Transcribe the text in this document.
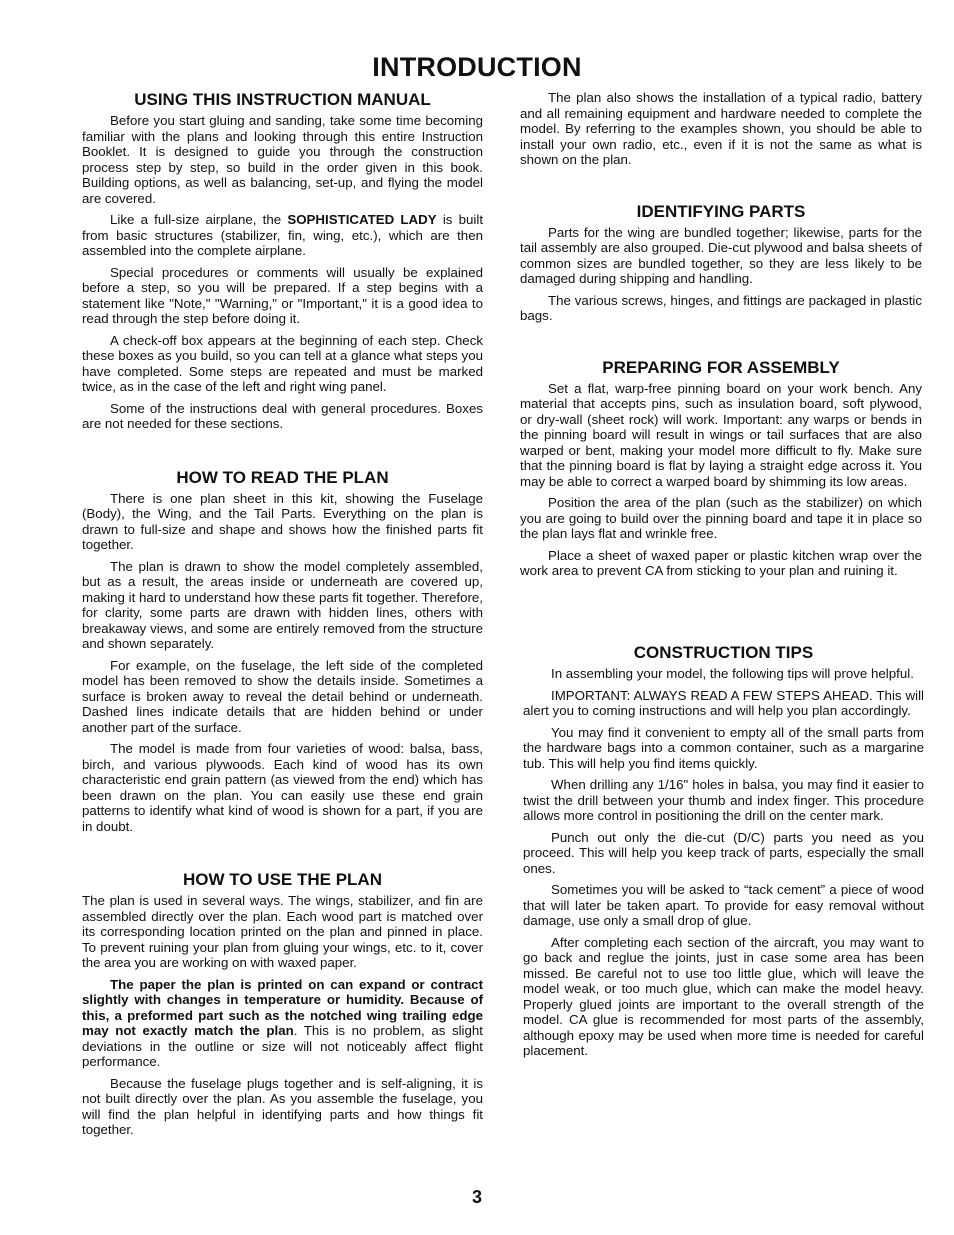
INTRODUCTION
USING THIS INSTRUCTION MANUAL

Before you start gluing and sanding, take some time becoming familiar with the plans and looking through this entire Instruction Booklet. It is designed to guide you through the construction process step by step, so build in the order given in this book. Building options, as well as balancing, set-up, and flying the model are covered.

Like a full-size airplane, the SOPHISTICATED LADY is built from basic structures (stabilizer, fin, wing, etc.), which are then assembled into the complete airplane.

Special procedures or comments will usually be explained before a step, so you will be prepared. If a step begins with a statement like "Note," "Warning," or "Important," it is a good idea to read through the step before doing it.

A check-off box appears at the beginning of each step. Check these boxes as you build, so you can tell at a glance what steps you have completed. Some steps are repeated and must be marked twice, as in the case of the left and right wing panel.

Some of the instructions deal with general procedures. Boxes are not needed for these sections.

HOW TO READ THE PLAN

There is one plan sheet in this kit, showing the Fuselage (Body), the Wing, and the Tail Parts. Everything on the plan is drawn to full-size and shape and shows how the finished parts fit together.

The plan is drawn to show the model completely assembled, but as a result, the areas inside or underneath are covered up, making it hard to understand how these parts fit together. Therefore, for clarity, some parts are drawn with hidden lines, others with breakaway views, and some are entirely removed from the structure and shown separately.

For example, on the fuselage, the left side of the completed model has been removed to show the details inside. Sometimes a surface is broken away to reveal the detail behind or underneath. Dashed lines indicate details that are hidden behind or under another part of the surface.

The model is made from four varieties of wood: balsa, bass, birch, and various plywoods. Each kind of wood has its own characteristic end grain pattern (as viewed from the end) which has been drawn on the plan. You can easily use these end grain patterns to identify what kind of wood is shown for a part, if you are in doubt.

HOW TO USE THE PLAN

The plan is used in several ways. The wings, stabilizer, and fin are assembled directly over the plan. Each wood part is matched over its corresponding location printed on the plan and pinned in place. To prevent ruining your plan from gluing your wings, etc. to it, cover the area you are working on with waxed paper.

The paper the plan is printed on can expand or contract slightly with changes in temperature or humidity. Because of this, a preformed part such as the notched wing trailing edge may not exactly match the plan. This is no problem, as slight deviations in the outline or size will not noticeably affect flight performance.

Because the fuselage plugs together and is self-aligning, it is not built directly over the plan. As you assemble the fuselage, you will find the plan helpful in identifying parts and how things fit together.

The plan also shows the installation of a typical radio, battery and all remaining equipment and hardware needed to complete the model. By referring to the examples shown, you should be able to install your own radio, etc., even if it is not the same as what is shown on the plan.

IDENTIFYING PARTS

Parts for the wing are bundled together; likewise, parts for the tail assembly are also grouped. Die-cut plywood and balsa sheets of common sizes are bundled together, so they are less likely to be damaged during shipping and handling.

The various screws, hinges, and fittings are packaged in plastic bags.

PREPARING FOR ASSEMBLY

Set a flat, warp-free pinning board on your work bench. Any material that accepts pins, such as insulation board, soft plywood, or dry-wall (sheet rock) will work. Important: any warps or bends in the pinning board will result in wings or tail surfaces that are also warped or bent, making your model more difficult to fly. Make sure that the pinning board is flat by laying a straight edge across it. You may be able to correct a warped board by shimming its low areas.

Position the area of the plan (such as the stabilizer) on which you are going to build over the pinning board and tape it in place so the plan lays flat and wrinkle free.

Place a sheet of waxed paper or plastic kitchen wrap over the work area to prevent CA from sticking to your plan and ruining it.

CONSTRUCTION TIPS

In assembling your model, the following tips will prove helpful.

IMPORTANT: ALWAYS READ A FEW STEPS AHEAD. This will alert you to coming instructions and will help you plan accordingly.

You may find it convenient to empty all of the small parts from the hardware bags into a common container, such as a margarine tub. This will help you find items quickly.

When drilling any 1/16" holes in balsa, you may find it easier to twist the drill between your thumb and index finger. This procedure allows more control in positioning the drill on the center mark.

Punch out only the die-cut (D/C) parts you need as you proceed. This will help you keep track of parts, especially the small ones.

Sometimes you will be asked to “tack cement” a piece of wood that will later be taken apart. To provide for easy removal without damage, use only a small drop of glue.

After completing each section of the aircraft, you may want to go back and reglue the joints, just in case some area has been missed. Be careful not to use too little glue, which will leave the model weak, or too much glue, which can make the model heavy. Properly glued joints are important to the overall strength of the model. CA glue is recommended for most parts of the assembly, although epoxy may be used when more time is needed for careful placement.

3
